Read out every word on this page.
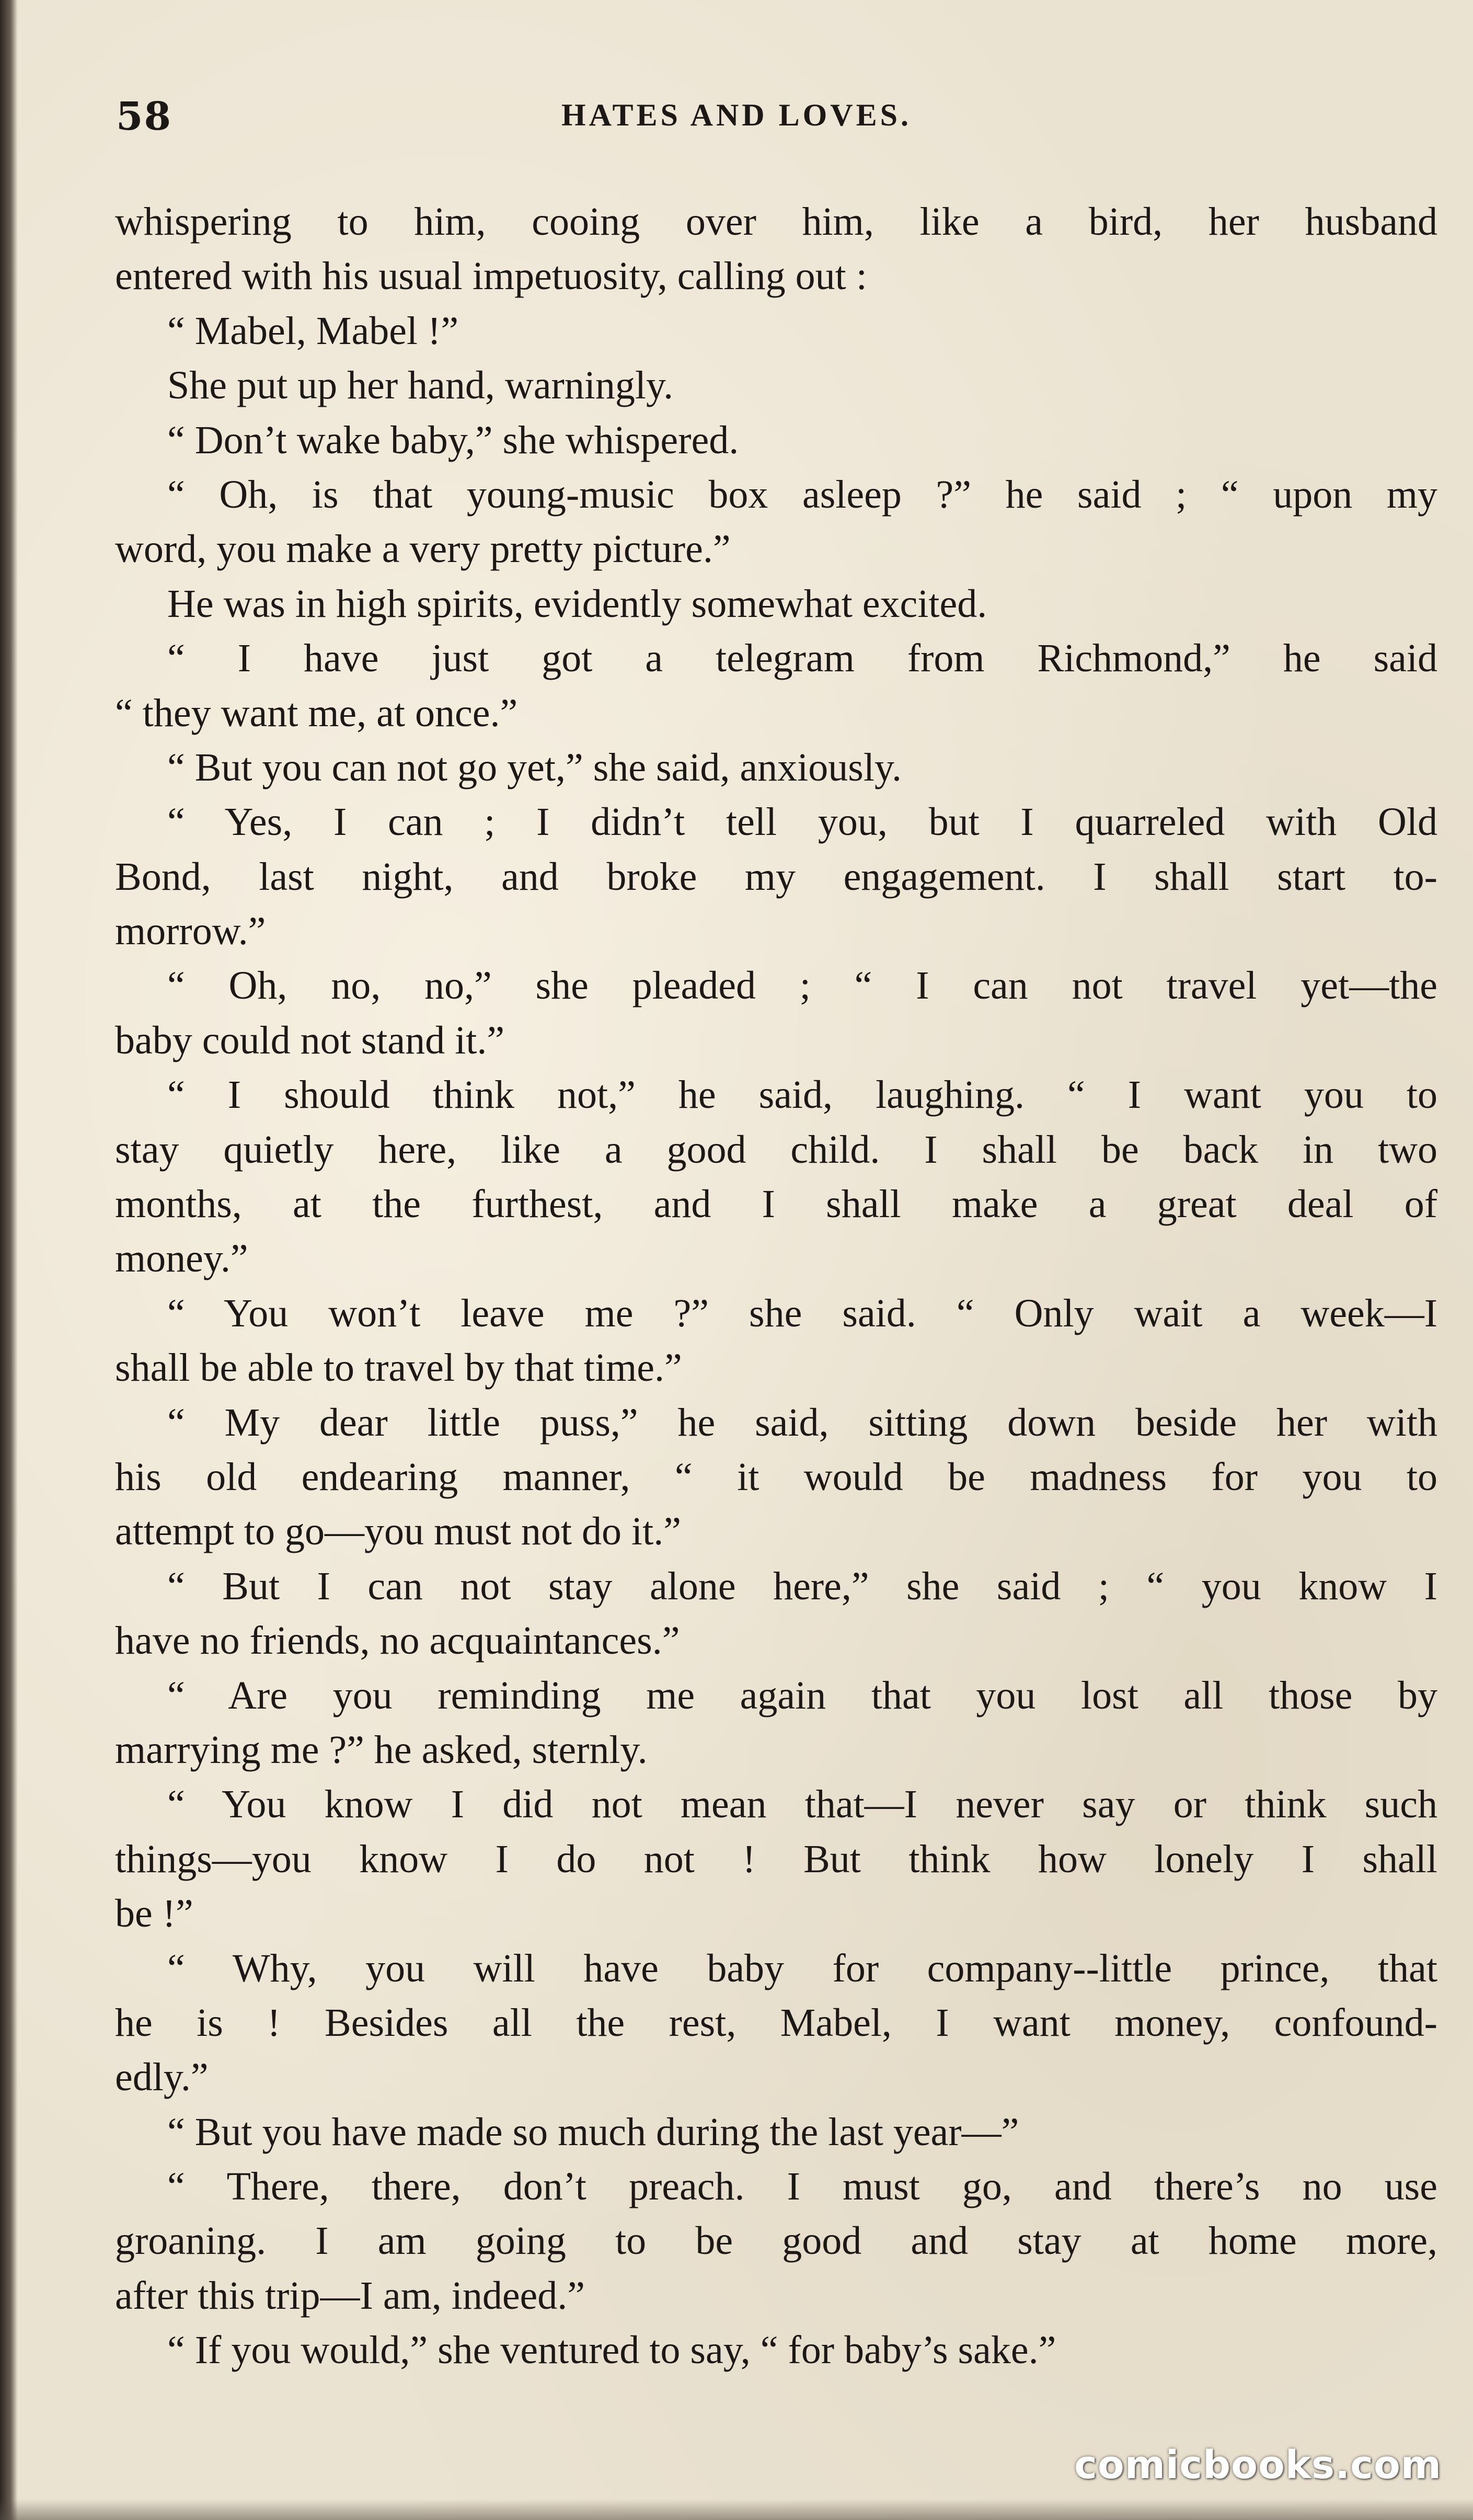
58	HATES AND LOVES.
whispering to him, cooing over him, like a bird, her husband
entered with his usual impetuosity, calling out :
“ Mabel, Mabel !”
She put up her hand, warningly.
“ Don’t wake baby,” she whispered.
“ Oh, is that young-music box asleep ?” he said ; “ upon my
word, you make a very pretty picture.”
He was in high spirits, evidently somewhat excited.
“ I have just got a telegram from Richmond,” he said
“ they want me, at once.”
“ But you can not go yet,” she said, anxiously.
“ Yes, I can ; I didn’t tell you, but I quarreled with Old
Bond, last night, and broke my engagement. I shall start to-
morrow.”
“ Oh, no, no,” she pleaded ; “ I can not travel yet—the
baby could not stand it.”
“ I should think not,” he said, laughing. “ I want you to
stay quietly here, like a good child. I shall be back in two
months, at the furthest, and I shall make a great deal of
money.”
“ You won’t leave me ?” she said. “ Only wait a week—I
shall be able to travel by that time.”
“ My dear little puss,” he said, sitting down beside her with
his old endearing manner, “ it would be madness for you to
attempt to go—you must not do it.”
“ But I can not stay alone here,” she said ; “ you know I
have no friends, no acquaintances.”
“ Are you reminding me again that you lost all those by
marrying me ?” he asked, sternly.
“ You know I did not mean that—I never say or think such
things—you know I do not ! But think how lonely I shall
be !”
“ Why, you will have baby for company--little prince, that
he is ! Besides all the rest, Mabel, I want money, confound-
edly.”
“ But you have made so much during the last year—”
“ There, there, don’t preach. I must go, and there’s no use
groaning. I am going to be good and stay at home more,
after this trip—I am, indeed.”
“ If you would,” she ventured to say, “ for baby’s sake.”
comicbooks.com
